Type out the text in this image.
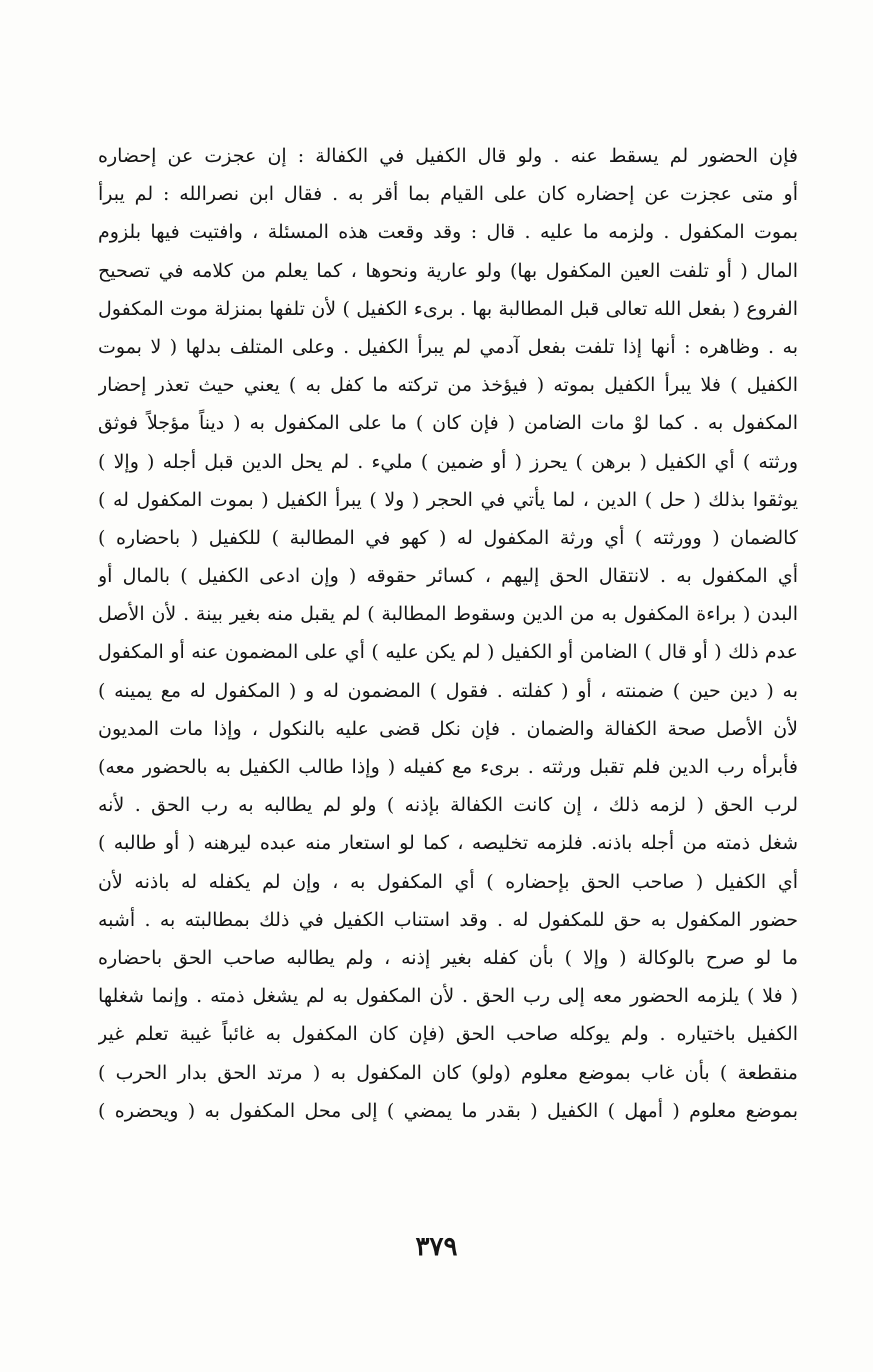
فإن الحضور لم يسقط عنه . ولو قال الكفيل في الكفالة : إن عجزت عن إحضاره
أو متى عجزت عن إحضاره كان على القيام بما أقر به . فقال ابن نصرالله : لم يبرأ
بموت المكفول . ولزمه ما عليه . قال : وقد وقعت هذه المسئلة ، وافتيت فيها بلزوم
المال ( أو تلفت العين المكفول بها) ولو عارية ونحوها ، كما يعلم من كلامه في تصحيح
الفروع ( بفعل الله تعالى قبل المطالبة بها . برىء الكفيل ) لأن تلفها بمنزلة موت المكفول
به . وظاهره : أنها إذا تلفت بفعل آدمي لم يبرأ الكفيل . وعلى المتلف بدلها ( لا بموت
الكفيل ) فلا يبرأ الكفيل بموته ( فيؤخذ من تركته ما كفل به ) يعني حيث تعذر إحضار
المكفول به . كما لوْ مات الضامن ( فإن كان ) ما على المكفول به ( ديناً مؤجلاً فوثق
ورثته ) أي الكفيل ( برهن ) يحرز ( أو ضمين ) مليء . لم يحل الدين قبل أجله ( وإلا )
يوثقوا بذلك ( حل ) الدين ، لما يأتي في الحجر ( ولا ) يبرأ الكفيل ( بموت المكفول له )
كالضمان ( وورثته ) أي ورثة المكفول له ( كهو في المطالبة ) للكفيل ( باحضاره )
أي المكفول به . لانتقال الحق إليهم ، كسائر حقوقه ( وإن ادعى الكفيل ) بالمال أو
البدن ( براءة المكفول به من الدين وسقوط المطالبة ) لم يقبل منه بغير بينة . لأن الأصل
عدم ذلك ( أو قال ) الضامن أو الكفيل ( لم يكن عليه ) أي على المضمون عنه أو المكفول
به ( دين حين ) ضمنته ، أو ( كفلته . فقول ) المضمون له و ( المكفول له مع يمينه )
لأن الأصل صحة الكفالة والضمان . فإن نكل قضى عليه بالنكول ، وإذا مات المديون
فأبرأه رب الدين فلم تقبل ورثته . برىء مع كفيله ( وإذا طالب الكفيل به بالحضور معه)
لرب الحق ( لزمه ذلك ، إن كانت الكفالة بإذنه ) ولو لم يطالبه به رب الحق . لأنه
شغل ذمته من أجله باذنه. فلزمه تخليصه ، كما لو استعار منه عبده ليرهنه ( أو طالبه )
أي الكفيل ( صاحب الحق بإحضاره ) أي المكفول به ، وإن لم يكفله له باذنه لأن
حضور المكفول به حق للمكفول له . وقد استناب الكفيل في ذلك بمطالبته به . أشبه
ما لو صرح بالوكالة ( وإلا ) بأن كفله بغير إذنه ، ولم يطالبه صاحب الحق باحضاره
( فلا ) يلزمه الحضور معه إلى رب الحق . لأن المكفول به لم يشغل ذمته . وإنما شغلها
الكفيل باختياره . ولم يوكله صاحب الحق (فإن كان المكفول به غائباً غيبة تعلم غير
منقطعة ) بأن غاب بموضع معلوم (ولو) كان المكفول به ( مرتد الحق بدار الحرب )
بموضع معلوم ( أمهل ) الكفيل ( بقدر ما يمضي ) إلى محل المكفول به ( ويحضره )
٣٧٩
